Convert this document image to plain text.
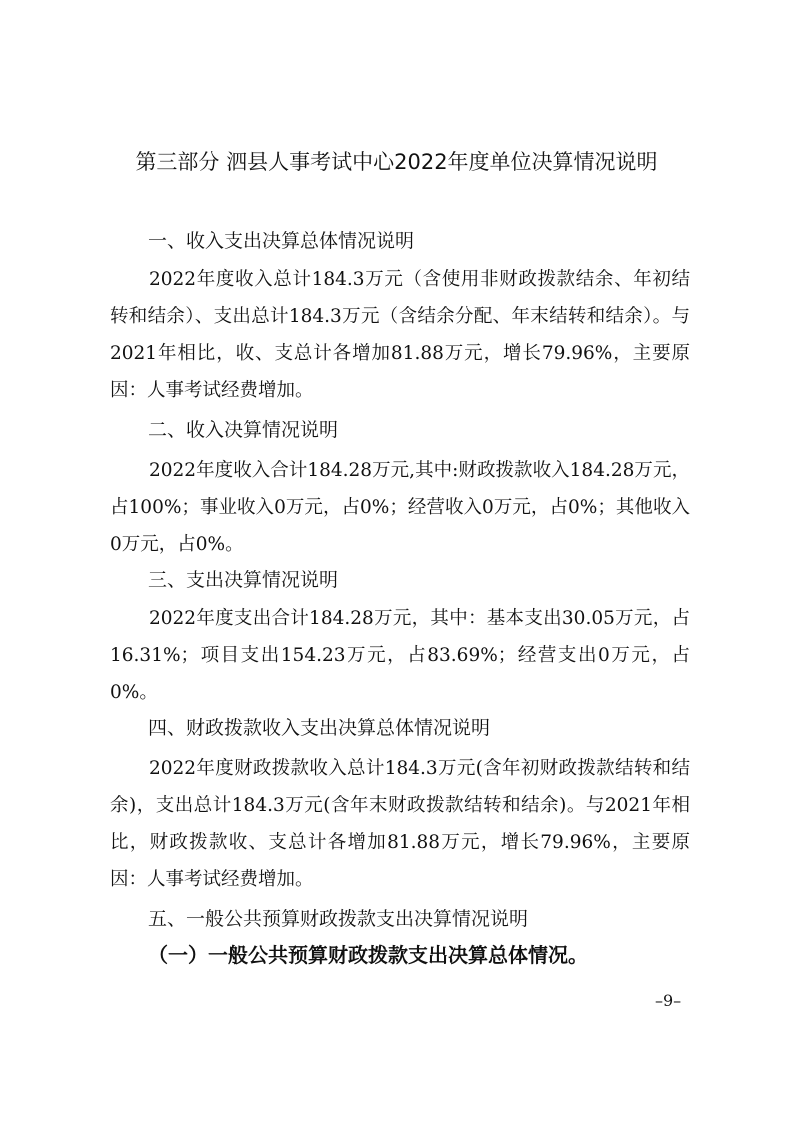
第三部分 泗县人事考试中心2022年度单位决算情况说明
一、收入支出决算总体情况说明

2022年度收入总计184.3万元（含使用非财政拨款结余、年初结转和结余）、支出总计184.3万元（含结余分配、年末结转和结余）。与2021年相比，收、支总计各增加81.88万元，增长79.96%，主要原因：人事考试经费增加。

二、收入决算情况说明

2022年度收入合计184.28万元,其中:财政拨款收入184.28万元，占100%；事业收入0万元，占0%；经营收入0万元，占0%；其他收入0万元，占0%。

三、支出决算情况说明

2022年度支出合计184.28万元，其中：基本支出30.05万元，占16.31%；项目支出154.23万元，占83.69%；经营支出0万元，占0%。

四、财政拨款收入支出决算总体情况说明

2022年度财政拨款收入总计184.3万元(含年初财政拨款结转和结余)，支出总计184.3万元(含年末财政拨款结转和结余)。与2021年相比，财政拨款收、支总计各增加81.88万元，增长79.96%，主要原因：人事考试经费增加。

五、一般公共预算财政拨款支出决算情况说明
（一）一般公共预算财政拨款支出决算总体情况。
–9–
